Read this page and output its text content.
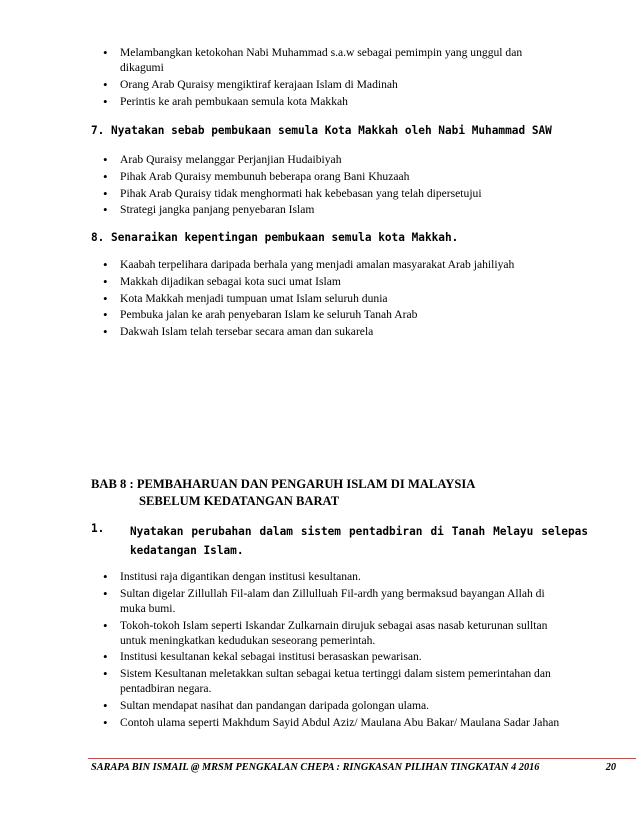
• Melambangkan ketokohan Nabi Muhammad s.a.w sebagai pemimpin yang unggul dan dikagumi
• Orang Arab Quraisy mengiktiraf kerajaan Islam di Madinah
• Perintis ke arah pembukaan semula kota Makkah

7. Nyatakan sebab pembukaan semula Kota Makkah oleh Nabi Muhammad SAW

• Arab Quraisy melanggar Perjanjian Hudaibiyah
• Pihak Arab Quraisy membunuh beberapa orang Bani Khuzaah
• Pihak Arab Quraisy tidak menghormati hak kebebasan yang telah dipersetujui
• Strategi jangka panjang penyebaran Islam

8. Senaraikan kepentingan pembukaan semula kota Makkah.

• Kaabah terpelihara daripada berhala yang menjadi amalan masyarakat Arab jahiliyah
• Makkah dijadikan sebagai kota suci umat Islam
• Kota Makkah menjadi tumpuan umat Islam seluruh dunia
• Pembuka jalan ke arah penyebaran Islam ke seluruh Tanah Arab
• Dakwah Islam telah tersebar secara aman dan sukarela

BAB 8 : PEMBAHARUAN DAN PENGARUH ISLAM DI MALAYSIA

SEBELUM KEDATANGAN BARAT

1. Nyatakan perubahan dalam sistem pentadbiran di Tanah Melayu selepas
kedatangan Islam.

• Institusi raja digantikan dengan institusi kesultanan.
• Sultan digelar Zillullah Fil-alam dan Zillulluah Fil-ardh yang bermaksud bayangan Allah di muka bumi.
• Tokoh-tokoh Islam seperti Iskandar Zulkarnain dirujuk sebagai asas nasab keturunan sulltan untuk meningkatkan kedudukan seseorang pemerintah.
• Institusi kesultanan kekal sebagai institusi berasaskan pewarisan.
• Sistem Kesultanan meletakkan sultan sebagai ketua tertinggi dalam sistem pemerintahan dan pentadbiran negara.
• Sultan mendapat nasihat dan pandangan daripada golongan ulama.
• Contoh ulama seperti Makhdum Sayid Abdul Aziz/ Maulana Abu Bakar/ Maulana Sadar Jahan
SARAPA BIN ISMAIL @ MRSM PENGKALAN CHEPA : RINGKASAN PILIHAN TINGKATAN 4 2016	20
